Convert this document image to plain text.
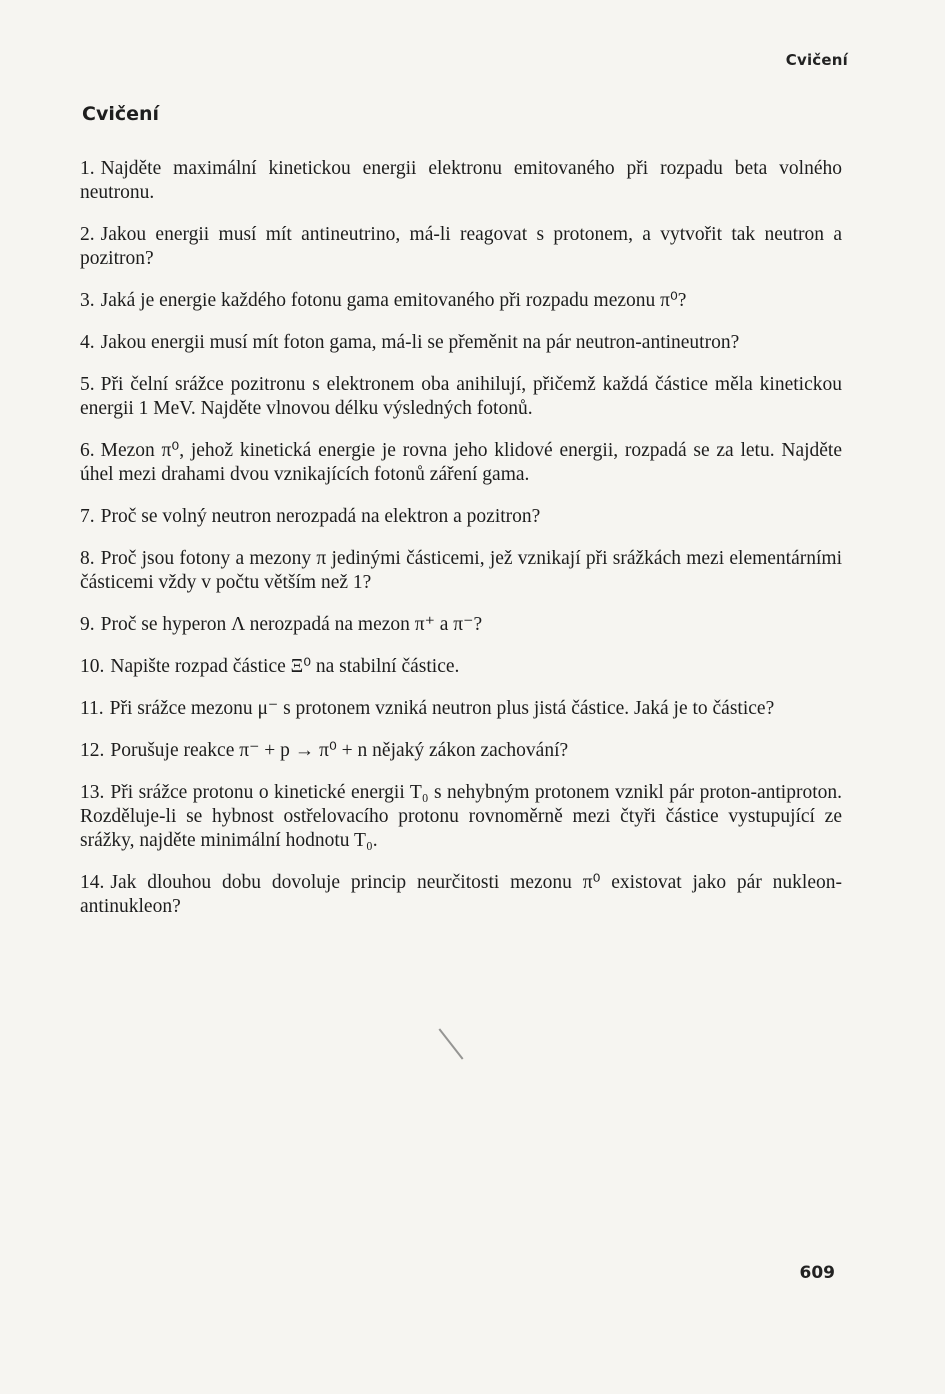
Cvičení
Cvičení
1. Najděte maximální kinetickou energii elektronu emitovaného při rozpadu beta volného neutronu.
2. Jakou energii musí mít antineutrino, má-li reagovat s protonem, a vytvořit tak neutron a pozitron?
3. Jaká je energie každého fotonu gama emitovaného při rozpadu mezonu π⁰?
4. Jakou energii musí mít foton gama, má-li se přeměnit na pár neutron-antineutron?
5. Při čelní srážce pozitronu s elektronem oba anihilují, přičemž každá částice měla kinetickou energii 1 MeV. Najděte vlnovou délku výsledných fotonů.
6. Mezon π⁰, jehož kinetická energie je rovna jeho klidové energii, rozpadá se za letu. Najděte úhel mezi drahami dvou vznikajících fotonů záření gama.
7. Proč se volný neutron nerozpadá na elektron a pozitron?
8. Proč jsou fotony a mezony π jedinými částicemi, jež vznikají při srážkách mezi elementárními částicemi vždy v počtu větším než 1?
9. Proč se hyperon Λ nerozpadá na mezon π⁺ a π⁻?
10. Napište rozpad částice Ξ⁰ na stabilní částice.
11. Při srážce mezonu μ⁻ s protonem vzniká neutron plus jistá částice. Jaká je to částice?
12. Porušuje reakce π⁻ + p → π⁰ + n nějaký zákon zachování?
13. Při srážce protonu o kinetické energii T₀ s nehybným protonem vznikl pár proton-antiproton. Rozděluje-li se hybnost ostřelovacího protonu rovnoměrně mezi čtyři částice vystupující ze srážky, najděte minimální hodnotu T₀.
14. Jak dlouhou dobu dovoluje princip neurčitosti mezonu π⁰ existovat jako pár nukleon-antinukleon?
609
